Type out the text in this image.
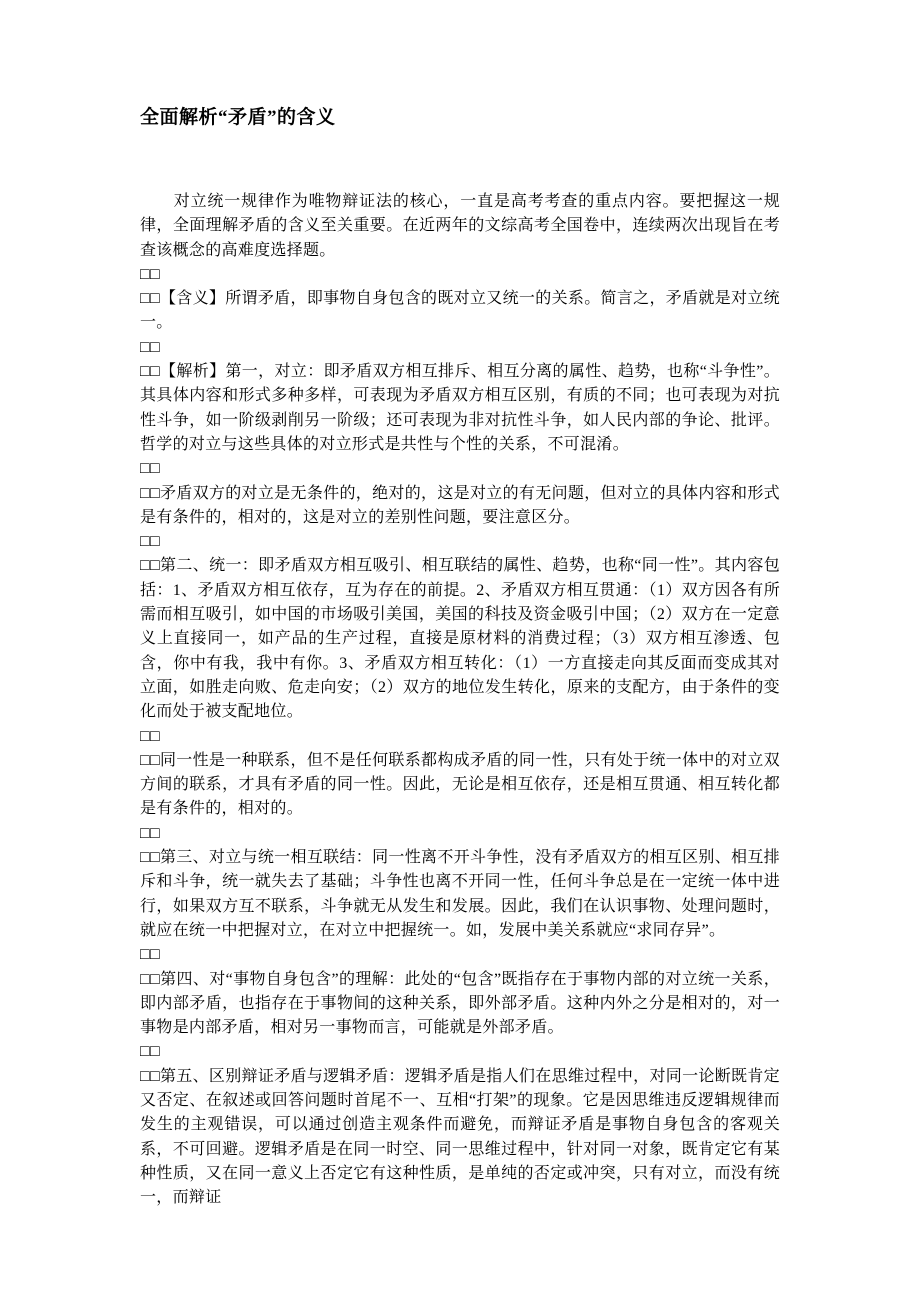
全面解析“矛盾”的含义

　　对立统一规律作为唯物辩证法的核心，一直是高考考查的重点内容。要把握这一规律，全面理解矛盾的含义至关重要。在近两年的文综高考全国卷中，连续两次出现旨在考查该概念的高难度选择题。

□□

□□【含义】所谓矛盾，即事物自身包含的既对立又统一的关系。简言之，矛盾就是对立统一。

□□

□□【解析】第一，对立：即矛盾双方相互排斥、相互分离的属性、趋势，也称“斗争性”。其具体内容和形式多种多样，可表现为矛盾双方相互区别，有质的不同；也可表现为对抗性斗争，如一阶级剥削另一阶级；还可表现为非对抗性斗争，如人民内部的争论、批评。哲学的对立与这些具体的对立形式是共性与个性的关系，不可混淆。

□□

□□矛盾双方的对立是无条件的，绝对的，这是对立的有无问题，但对立的具体内容和形式是有条件的，相对的，这是对立的差别性问题，要注意区分。

□□

□□第二、统一：即矛盾双方相互吸引、相互联结的属性、趋势，也称“同一性”。其内容包括：1、矛盾双方相互依存，互为存在的前提。2、矛盾双方相互贯通：（1）双方因各有所需而相互吸引，如中国的市场吸引美国，美国的科技及资金吸引中国；（2）双方在一定意义上直接同一，如产品的生产过程，直接是原材料的消费过程；（3）双方相互渗透、包含，你中有我，我中有你。3、矛盾双方相互转化：（1）一方直接走向其反面而变成其对立面，如胜走向败、危走向安；（2）双方的地位发生转化，原来的支配方，由于条件的变化而处于被支配地位。

□□

□□同一性是一种联系，但不是任何联系都构成矛盾的同一性，只有处于统一体中的对立双方间的联系，才具有矛盾的同一性。因此，无论是相互依存，还是相互贯通、相互转化都是有条件的，相对的。

□□

□□第三、对立与统一相互联结：同一性离不开斗争性，没有矛盾双方的相互区别、相互排斥和斗争，统一就失去了基础；斗争性也离不开同一性，任何斗争总是在一定统一体中进行，如果双方互不联系，斗争就无从发生和发展。因此，我们在认识事物、处理问题时，就应在统一中把握对立，在对立中把握统一。如，发展中美关系就应“求同存异”。

□□

□□第四、对“事物自身包含”的理解：此处的“包含”既指存在于事物内部的对立统一关系，即内部矛盾，也指存在于事物间的这种关系，即外部矛盾。这种内外之分是相对的，对一事物是内部矛盾，相对另一事物而言，可能就是外部矛盾。

□□

□□第五、区别辩证矛盾与逻辑矛盾：逻辑矛盾是指人们在思维过程中，对同一论断既肯定又否定、在叙述或回答问题时首尾不一、互相“打架”的现象。它是因思维违反逻辑规律而发生的主观错误，可以通过创造主观条件而避免，而辩证矛盾是事物自身包含的客观关系，不可回避。逻辑矛盾是在同一时空、同一思维过程中，针对同一对象，既肯定它有某种性质，又在同一意义上否定它有这种性质，是单纯的否定或冲突，只有对立，而没有统一，而辩证
